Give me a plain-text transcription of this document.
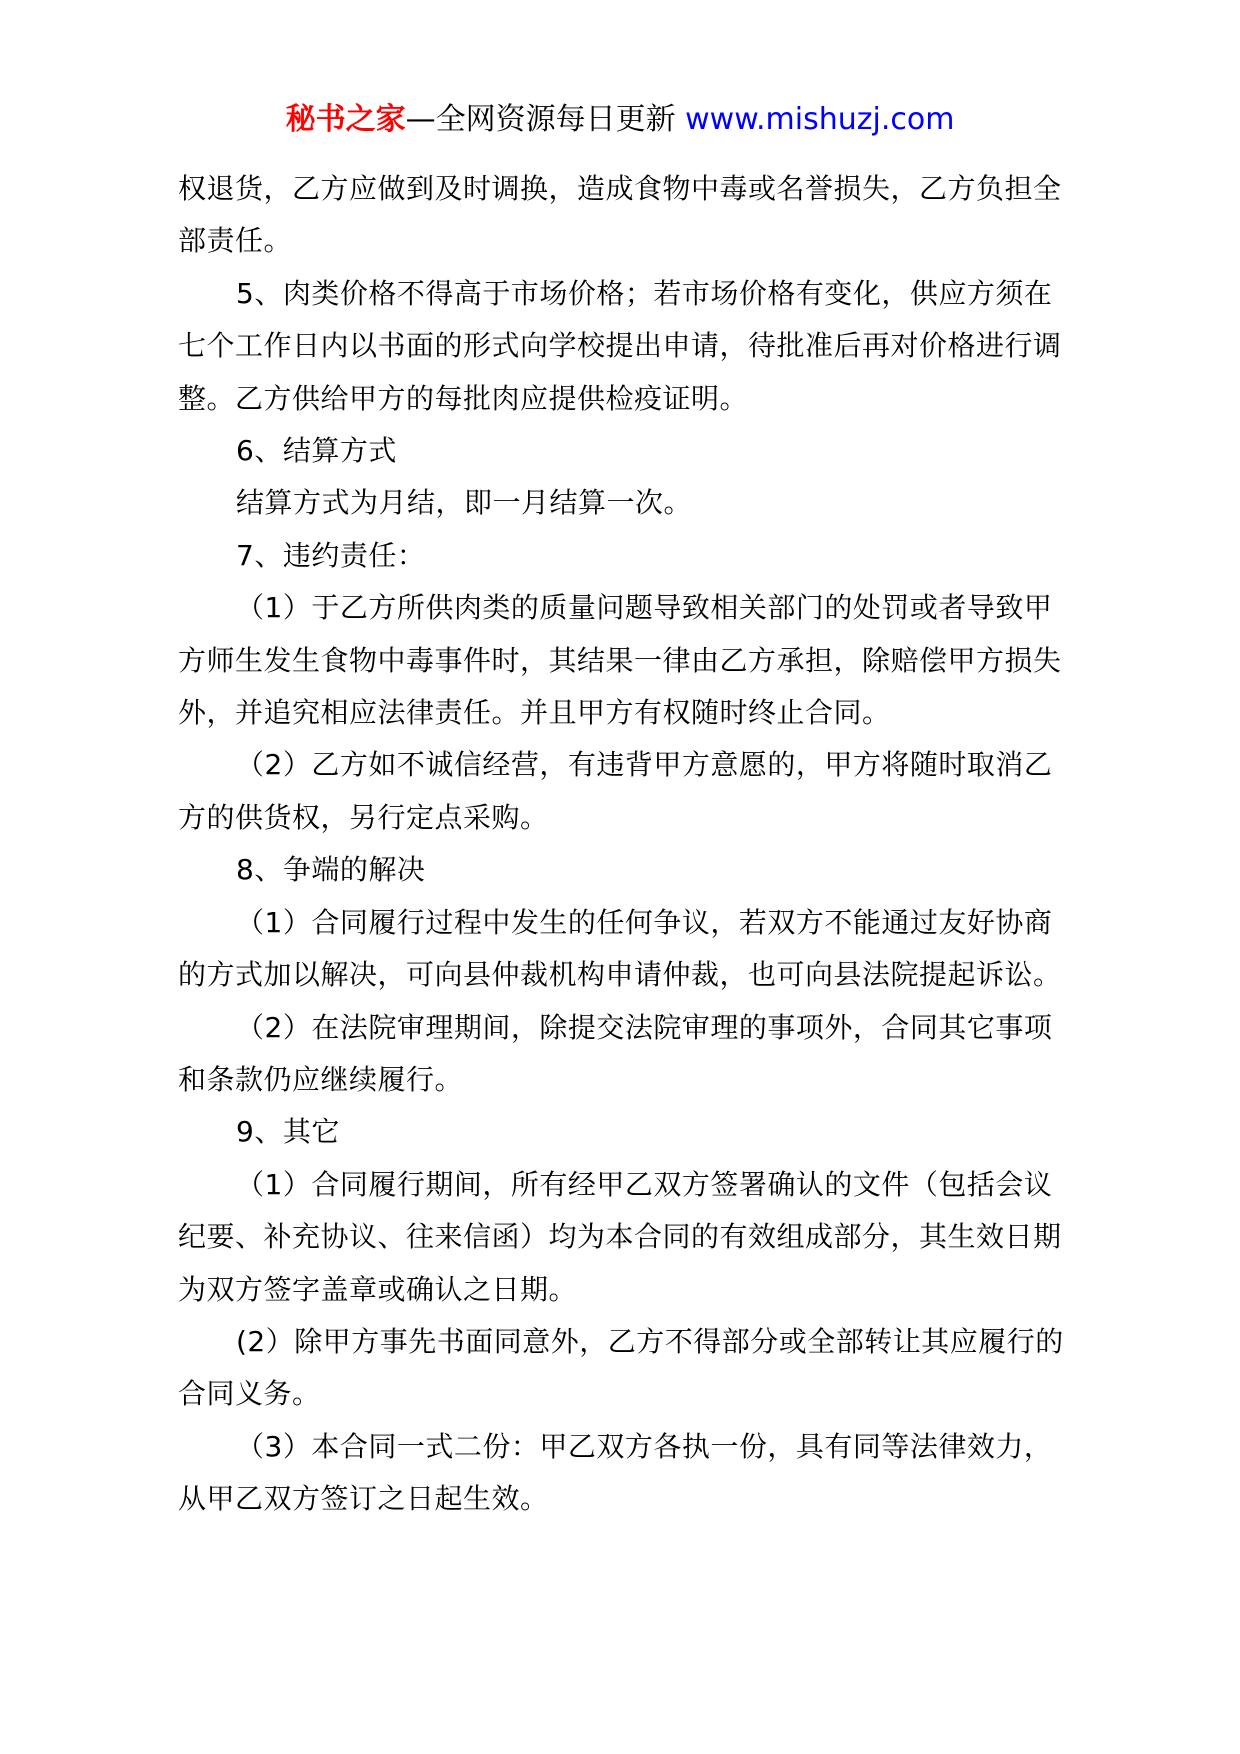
秘书之家—全网资源每日更新 www.mishuzj.com

权退货，乙方应做到及时调换，造成食物中毒或名誉损失，乙方负担全部责任。

5、肉类价格不得高于市场价格；若市场价格有变化，供应方须在七个工作日内以书面的形式向学校提出申请，待批准后再对价格进行调整。乙方供给甲方的每批肉应提供检疫证明。

6、结算方式

结算方式为月结，即一月结算一次。

7、违约责任：

（1）于乙方所供肉类的质量问题导致相关部门的处罚或者导致甲方师生发生食物中毒事件时，其结果一律由乙方承担，除赔偿甲方损失外，并追究相应法律责任。并且甲方有权随时终止合同。

（2）乙方如不诚信经营，有违背甲方意愿的，甲方将随时取消乙方的供货权，另行定点采购。

8、争端的解决

（1）合同履行过程中发生的任何争议，若双方不能通过友好协商的方式加以解决，可向县仲裁机构申请仲裁，也可向县法院提起诉讼。

（2）在法院审理期间，除提交法院审理的事项外，合同其它事项和条款仍应继续履行。

9、其它

（1）合同履行期间，所有经甲乙双方签署确认的文件（包括会议纪要、补充协议、往来信函）均为本合同的有效组成部分，其生效日期为双方签字盖章或确认之日期。

(2）除甲方事先书面同意外，乙方不得部分或全部转让其应履行的合同义务。

（3）本合同一式二份：甲乙双方各执一份，具有同等法律效力，从甲乙双方签订之日起生效。
